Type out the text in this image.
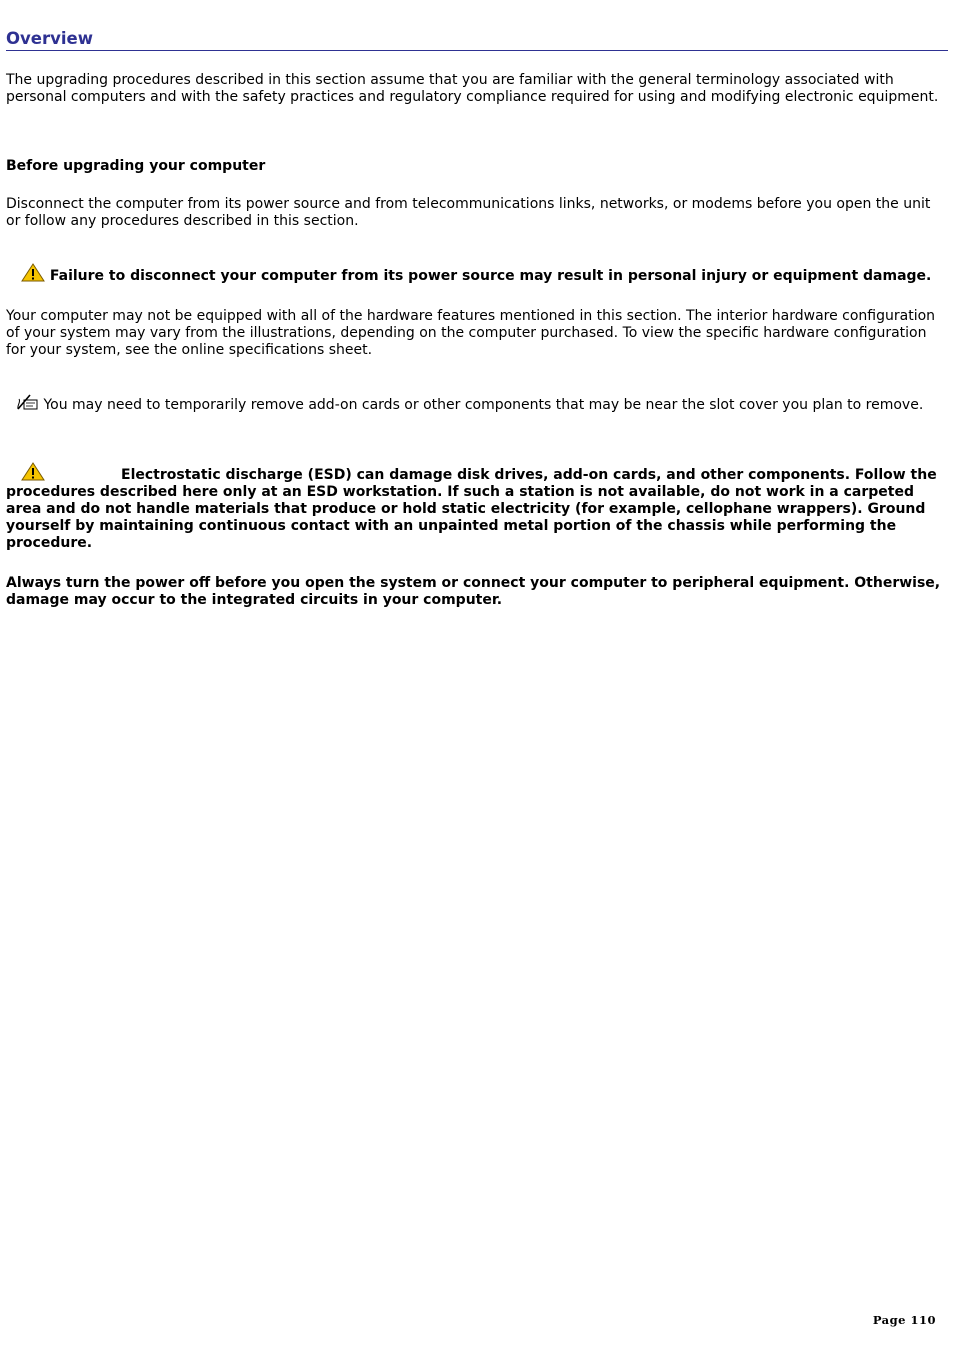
Overview

The upgrading procedures described in this section assume that you are familiar with the general terminology associated with personal computers and with the safety practices and regulatory compliance required for using and modifying electronic equipment.

Before upgrading your computer

Disconnect the computer from its power source and from telecommunications links, networks, or modems before you open the unit or follow any procedures described in this section.

Failure to disconnect your computer from its power source may result in personal injury or equipment damage.

Your computer may not be equipped with all of the hardware features mentioned in this section. The interior hardware configuration of your system may vary from the illustrations, depending on the computer purchased. To view the specific hardware configuration for your system, see the online specifications sheet.

You may need to temporarily remove add-on cards or other components that may be near the slot cover you plan to remove.

Electrostatic discharge (ESD) can damage disk drives, add-on cards, and other components. Follow the procedures described here only at an ESD workstation. If such a station is not available, do not work in a carpeted area and do not handle materials that produce or hold static electricity (for example, cellophane wrappers). Ground yourself by maintaining continuous contact with an unpainted metal portion of the chassis while performing the procedure.

Always turn the power off before you open the system or connect your computer to peripheral equipment. Otherwise, damage may occur to the integrated circuits in your computer.

Page 110
